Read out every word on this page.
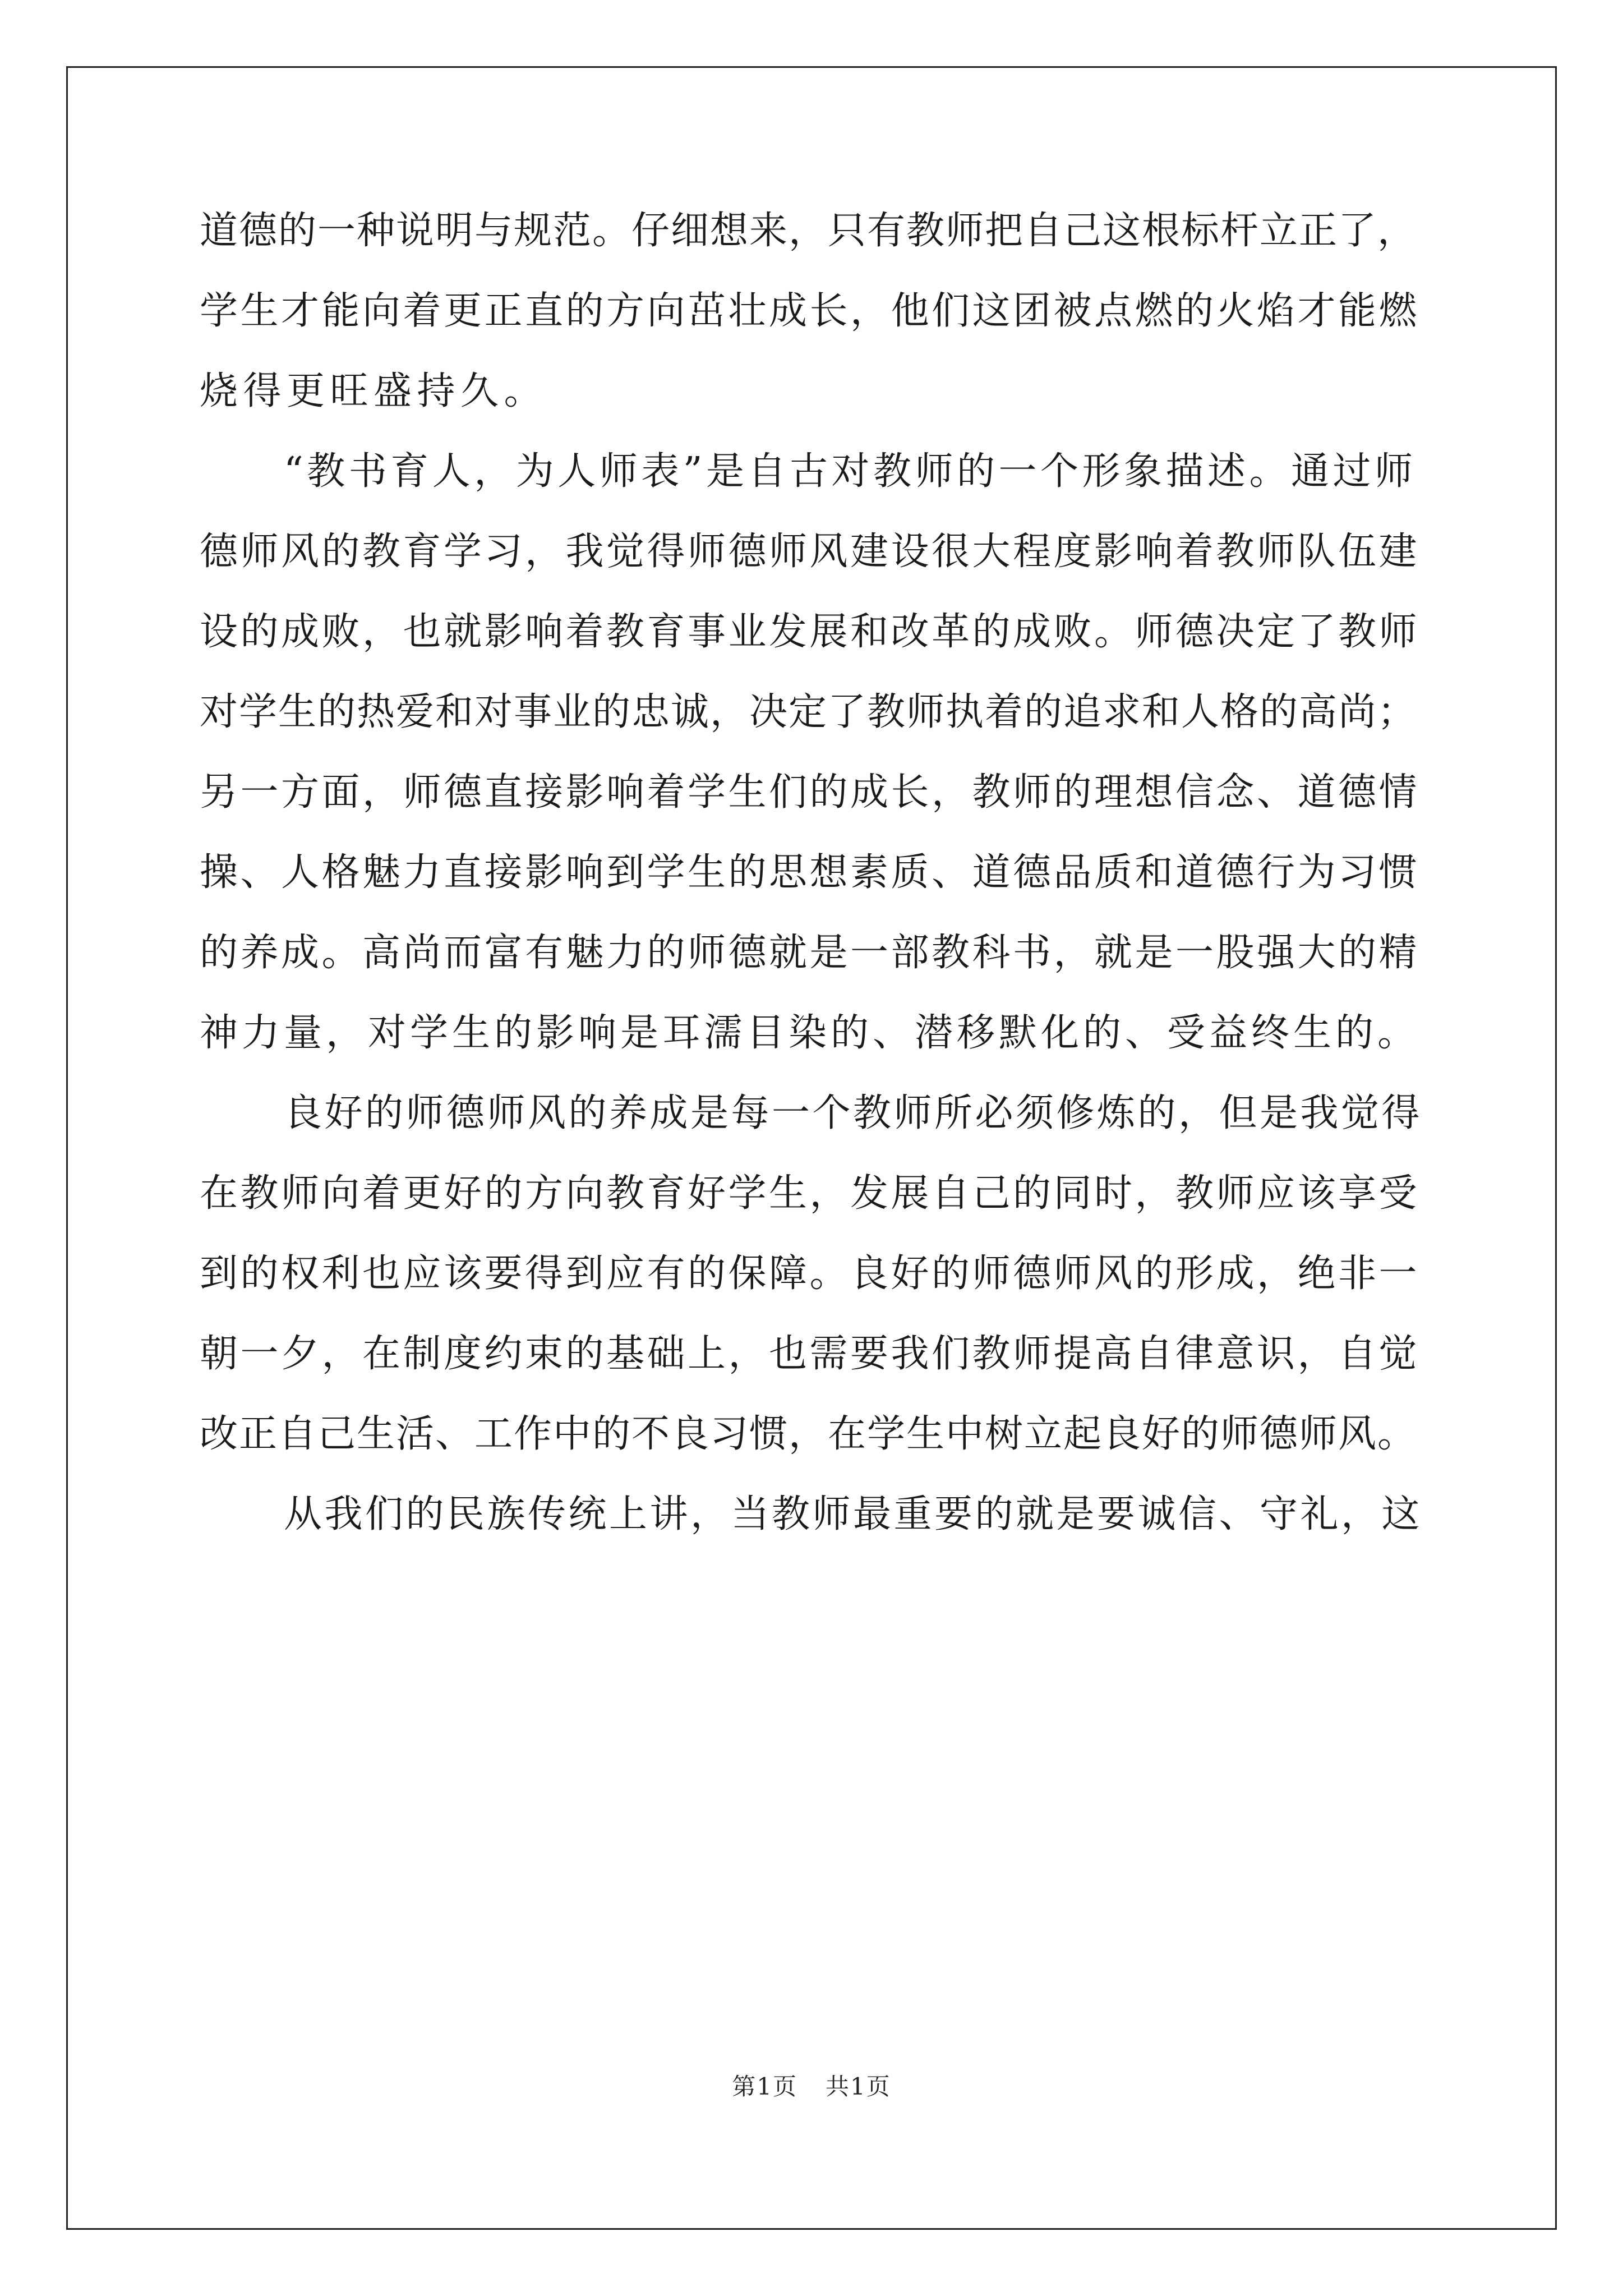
道德的一种说明与规范。仔细想来，只有教师把自己这根标杆立正了，
学生才能向着更正直的方向茁壮成长，他们这团被点燃的火焰才能燃
烧得更旺盛持久。
“教书育人，为人师表”是自古对教师的一个形象描述。通过师
德师风的教育学习，我觉得师德师风建设很大程度影响着教师队伍建
设的成败，也就影响着教育事业发展和改革的成败。师德决定了教师
对学生的热爱和对事业的忠诚，决定了教师执着的追求和人格的高尚；
另一方面，师德直接影响着学生们的成长，教师的理想信念、道德情
操、人格魅力直接影响到学生的思想素质、道德品质和道德行为习惯
的养成。高尚而富有魅力的师德就是一部教科书，就是一股强大的精
神力量，对学生的影响是耳濡目染的、潜移默化的、受益终生的。
良好的师德师风的养成是每一个教师所必须修炼的，但是我觉得
在教师向着更好的方向教育好学生，发展自己的同时，教师应该享受
到的权利也应该要得到应有的保障。良好的师德师风的形成，绝非一
朝一夕，在制度约束的基础上，也需要我们教师提高自律意识，自觉
改正自己生活、工作中的不良习惯，在学生中树立起良好的师德师风。
从我们的民族传统上讲，当教师最重要的就是要诚信、守礼，这
第1页 共1页
